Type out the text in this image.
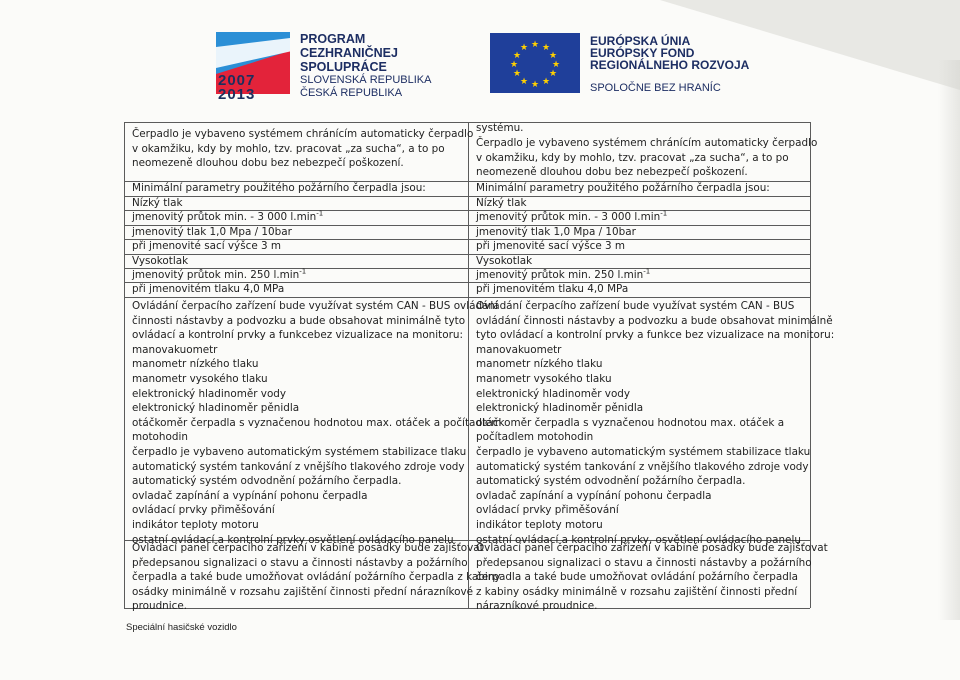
2007
2013
PROGRAM
CEZHRANIČNEJ
SPOLUPRÁCE
SLOVENSKÁ REPUBLIKA
ČESKÁ REPUBLIKA
★ ★
★
★
★
★
★
★
★
★
★
★	EURÓPSKA ÚNIA
EURÓPSKY FOND
REGIONÁLNEHO ROZVOJA
SPOLOČNE BEZ HRANÍC
Čerpadlo je vybaveno systémem chránícím automaticky čerpadlo
v okamžiku, kdy by mohlo, tzv. pracovat „za sucha“, a to po
neomezeně dlouhou dobu bez nebezpečí poškození.
Minimální parametry použitého požárního čerpadla jsou:
Nízký tlak
jmenovitý průtok min. - 3 000 $l.\min^{-1}$
jmenovitý tlak 1,0 Mpa / 10bar
při jmenovité sací výšce 3 m
Vysokotlak
jmenovitý průtok min. 250 $l.\min^{-1}$
při jmenovitém tlaku 4,0 MPa
Ovládání čerpacího zařízení bude využívat systém CAN - BUS ovládání
činnosti nástavby a podvozku a bude obsahovat minimálně tyto
ovládací a kontrolní prvky a funkcebez vizualizace na monitoru:
manovakuometr
manometr nízkého tlaku
manometr vysokého tlaku
elektronický hladinoměr vody
elektronický hladinoměr pěnidla
otáčkoměr čerpadla s vyznačenou hodnotou max. otáček a počítadlem
motohodin
čerpadlo je vybaveno automatickým systémem stabilizace tlaku
automatický systém tankování z vnějšího tlakového zdroje vody
automatický systém odvodnění požárního čerpadla.
ovladač zapínání a vypínání pohonu čerpadla
ovládací prvky přiměšování
indikátor teploty motoru
ostatní ovládací a kontrolní prvky osvětlení ovládacího panelu
Ovládací panel čerpacího zařízení v kabině posádky bude zajišťovat
předepsanou signalizaci o stavu a činnosti nástavby a požárního
čerpadla a také bude umožňovat ovládání požárního čerpadla z kabiny
osádky minimálně v rozsahu zajištění činnosti přední nárazníkové
proudnice.
systému.
Čerpadlo je vybaveno systémem chránícím automaticky čerpadlo
v okamžiku, kdy by mohlo, tzv. pracovat „za sucha“, a to po
neomezeně dlouhou dobu bez nebezpečí poškození.
Minimální parametry použitého požárního čerpadla jsou:
Nízký tlak
jmenovitý průtok min. - 3 000 $l.\min^{-1}$
jmenovitý tlak 1,0 Mpa / 10bar
při jmenovité sací výšce 3 m
Vysokotlak
jmenovitý průtok min. 250 $l.\min^{-1}$
při jmenovitém tlaku 4,0 MPa
Ovládání čerpacího zařízení bude využívat systém CAN - BUS
ovládání činnosti nástavby a podvozku a bude obsahovat minimálně
tyto ovládací a kontrolní prvky a funkce bez vizualizace na monitoru:
manovakuometr
manometr nízkého tlaku
manometr vysokého tlaku
elektronický hladinoměr vody
elektronický hladinoměr pěnidla
otáčkoměr čerpadla s vyznačenou hodnotou max. otáček a
počítadlem motohodin
čerpadlo je vybaveno automatickým systémem stabilizace tlaku
automatický systém tankování z vnějšího tlakového zdroje vody
automatický systém odvodnění požárního čerpadla.
ovladač zapínání a vypínání pohonu čerpadla
ovládací prvky přiměšování
indikátor teploty motoru
ostatní ovládací a kontrolní prvky, osvětlení ovládacího panelu
Ovládací panel čerpacího zařízení v kabině posádky bude zajišťovat
předepsanou signalizaci o stavu a činnosti nástavby a požárního
čerpadla a také bude umožňovat ovládání požárního čerpadla
z kabiny osádky minimálně v rozsahu zajištění činnosti přední
nárazníkové proudnice.
Speciální hasičské vozidlo
